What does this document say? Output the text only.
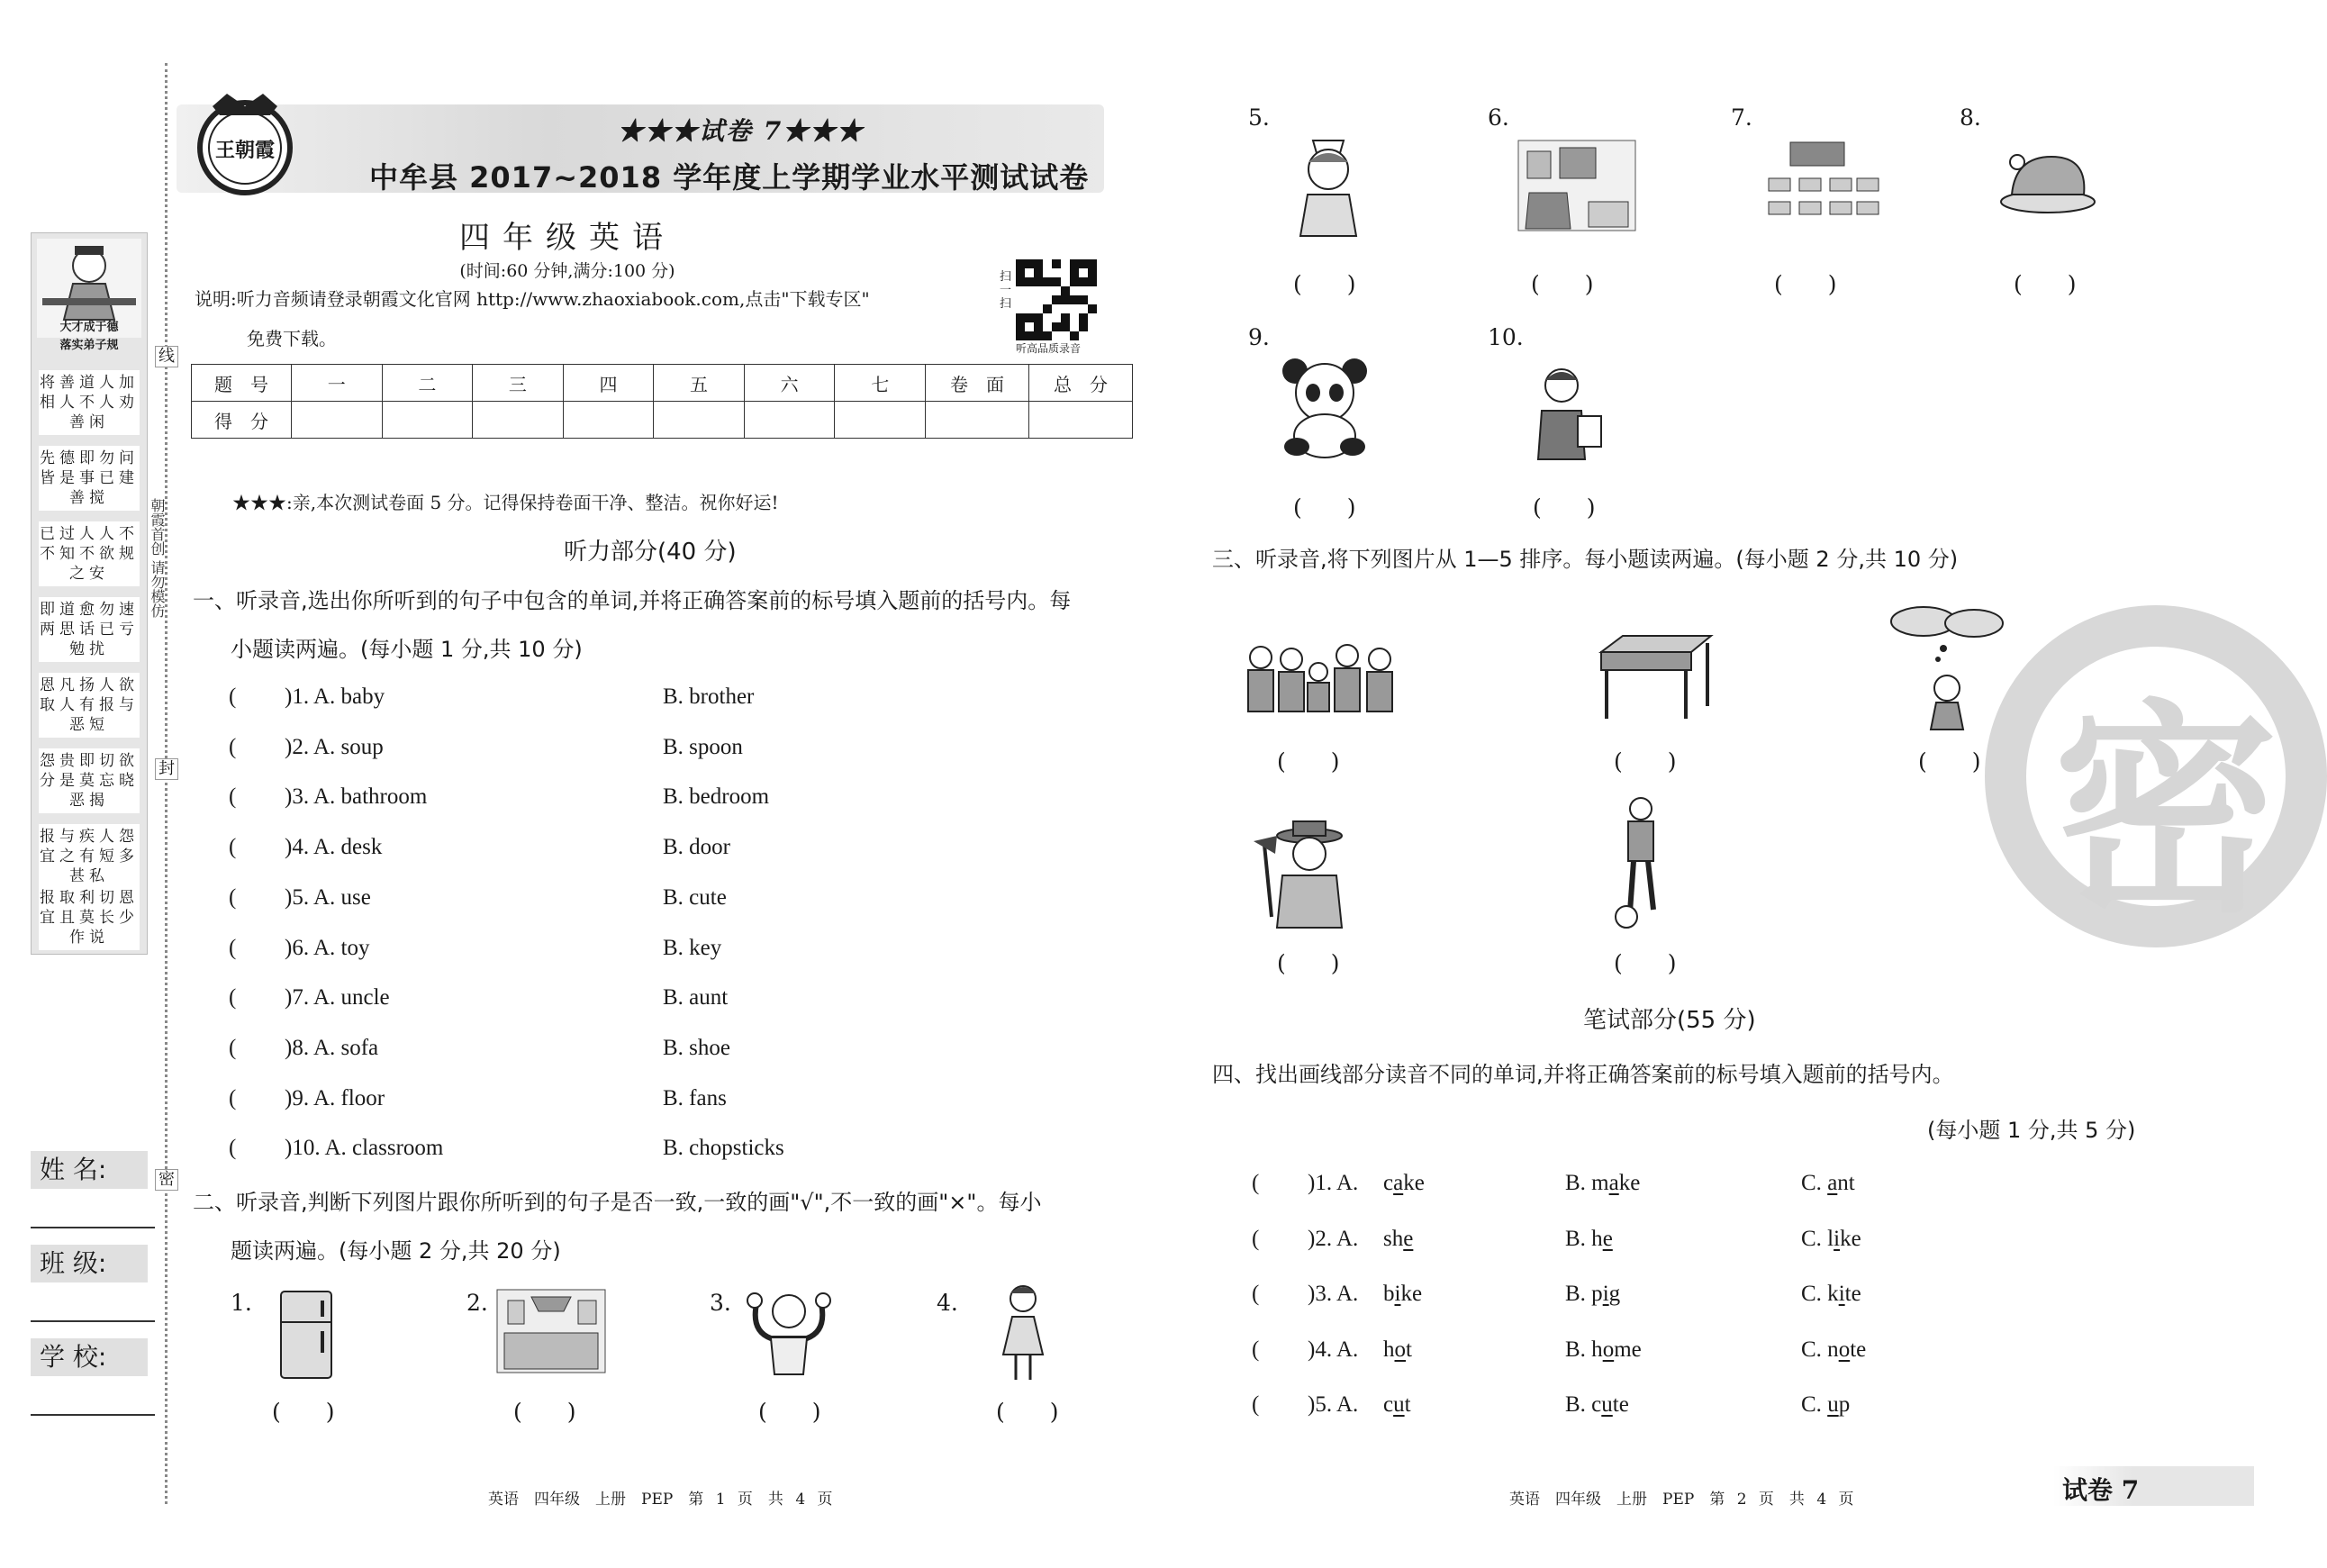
线
封
密
朝霞首创 请勿模仿
大才成于德
落实弟子规
将善道人加相人不人劝善闲
先德即勿问皆是事已建善搅
已过人人不不知不欲规之安
即道愈勿速两思话已亏勉扰
恩凡扬人欲取人有报与恶短
怨贵即切欲分是莫忘晓恶揭
报与疾人怨宜之有短多甚私
报取利切恩宜且莫长少作说
姓 名:
班 级:
学 校:
王朝霞
★★★试卷 7★★★
中牟县 2017~2018 学年度上学期学业水平测试试卷
四年级英语
(时间:60 分钟,满分:100 分)
说明:听力音频请登录朝霞文化官网 http://www.zhaoxiabook.com,点击"下载专区"
免费下载。
扫一扫
听高品质录音
题　号	一	二	三	四	五	六	七	卷　面	总　分
得　分									
★★★:亲,本次测试卷面 5 分。记得保持卷面干净、整洁。祝你好运!
听力部分(40 分)
一、听录音,选出你所听到的句子中包含的单词,并将正确答案前的标号填入题前的括号内。每
小题读两遍。(每小题 1 分,共 10 分)
( )1. A. baby	B. brother
( )2. A. soup	B. spoon
( )3. A. bathroom	B. bedroom
( )4. A. desk	B. door
( )5. A. use	B. cute
( )6. A. toy	B. key
( )7. A. uncle	B. aunt
( )8. A. sofa	B. shoe
( )9. A. floor	B. fans
( )10. A. classroom	B. chopsticks
二、听录音,判断下列图片跟你所听到的句子是否一致,一致的画"√",不一致的画"×"。每小
题读两遍。(每小题 2 分,共 20 分)
1.
(　　)
2.
(　　)
3.
(　　)
4.
(　　)
5.
(　　)
6.
(　　)
7.
(　　)
8.
(　　)
9.
(　　)
10.
(　　)
三、听录音,将下列图片从 1—5 排序。每小题读两遍。(每小题 2 分,共 10 分)
(　　)	(　　)	(　　)
(　　)	(　　)
笔试部分(55 分)
四、找出画线部分读音不同的单词,并将正确答案前的标号填入题前的括号内。
(每小题 1 分,共 5 分)
( )1. A. cake	B. make	C. ant
( )2. A. she	B. he	C. like
( )3. A. bike	B. pig	C. kite
( )4. A. hot	B. home	C. note
( )5. A. cut	B. cute	C. up
密
英语　四年级　上册　PEP　第 1 页　共 4 页	英语　四年级　上册　PEP　第 2 页　共 4 页	试卷 7
